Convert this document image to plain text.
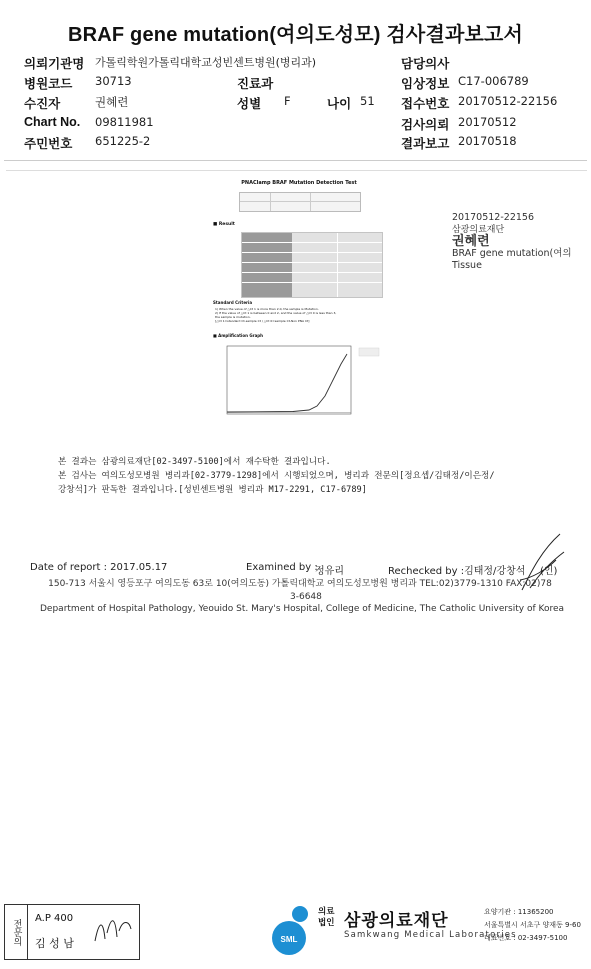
BRAF gene mutation(여의도성모) 검사결과보고서
의뢰기관명 가톨릭학원가톨릭대학교성빈센트병원(병리과)	담당의사
병원코드 30713	진료과	임상정보 C17-006789
수진자	권혜련	성별 F	나이 51 접수번호 20170512-22156
Chart No. 09811981	검사의뢰 20170512
주민번호 651225-2	결과보고 20170518
PNAClamp BRAF Mutation Detection Test
■ Result
Standard Criteria
1) When the value of △Ct 1 is more than 2.0, the sample is Mutation.
2) If the value of △Ct 1 is between 0 and 2, and the value of △Ct 0 is less than 3,
the sample is mutation.
[△Ct 1=standard Ct-sample Ct / △Ct 0=sample Ct-Non PNA Ct]
■ Amplification Graph
20170512-22156
삼광의료재단
권혜련
BRAF gene mutation(여의
Tissue
본 결과는 삼광의료재단[02-3497-5100]에서 재수탁한 결과입니다.
본 검사는 여의도성모병원 병리과[02-3779-1298]에서 시행되었으며, 병리과 전문의[정요셉/김태정/이은정/
강창석]가 판독한 결과입니다.[성빈센트병원 병리과 M17-2291, C17-6789]
Date of report : 2017.05.17	Examined by :
정유리	Rechecked by :김태정/강창석 (인)
150-713 서울시 영등포구 여의도동 63로 10(여의도동) 가톨릭대학교 여의도성모병원 병리과 TEL:02)3779-1310 FAX:02)78
3-6648
Department of Hospital Pathology, Yeouido St. Mary's Hospital, College of Medicine, The Catholic University of Korea
전문의	A.P 400
김 성 남	SML
의료
법인 삼광의료재단
Samkwang Medical Laboratories
요양기관 : 11365200
서울특별시 서초구 양재동 9-60
대표번호 : 02-3497-5100
